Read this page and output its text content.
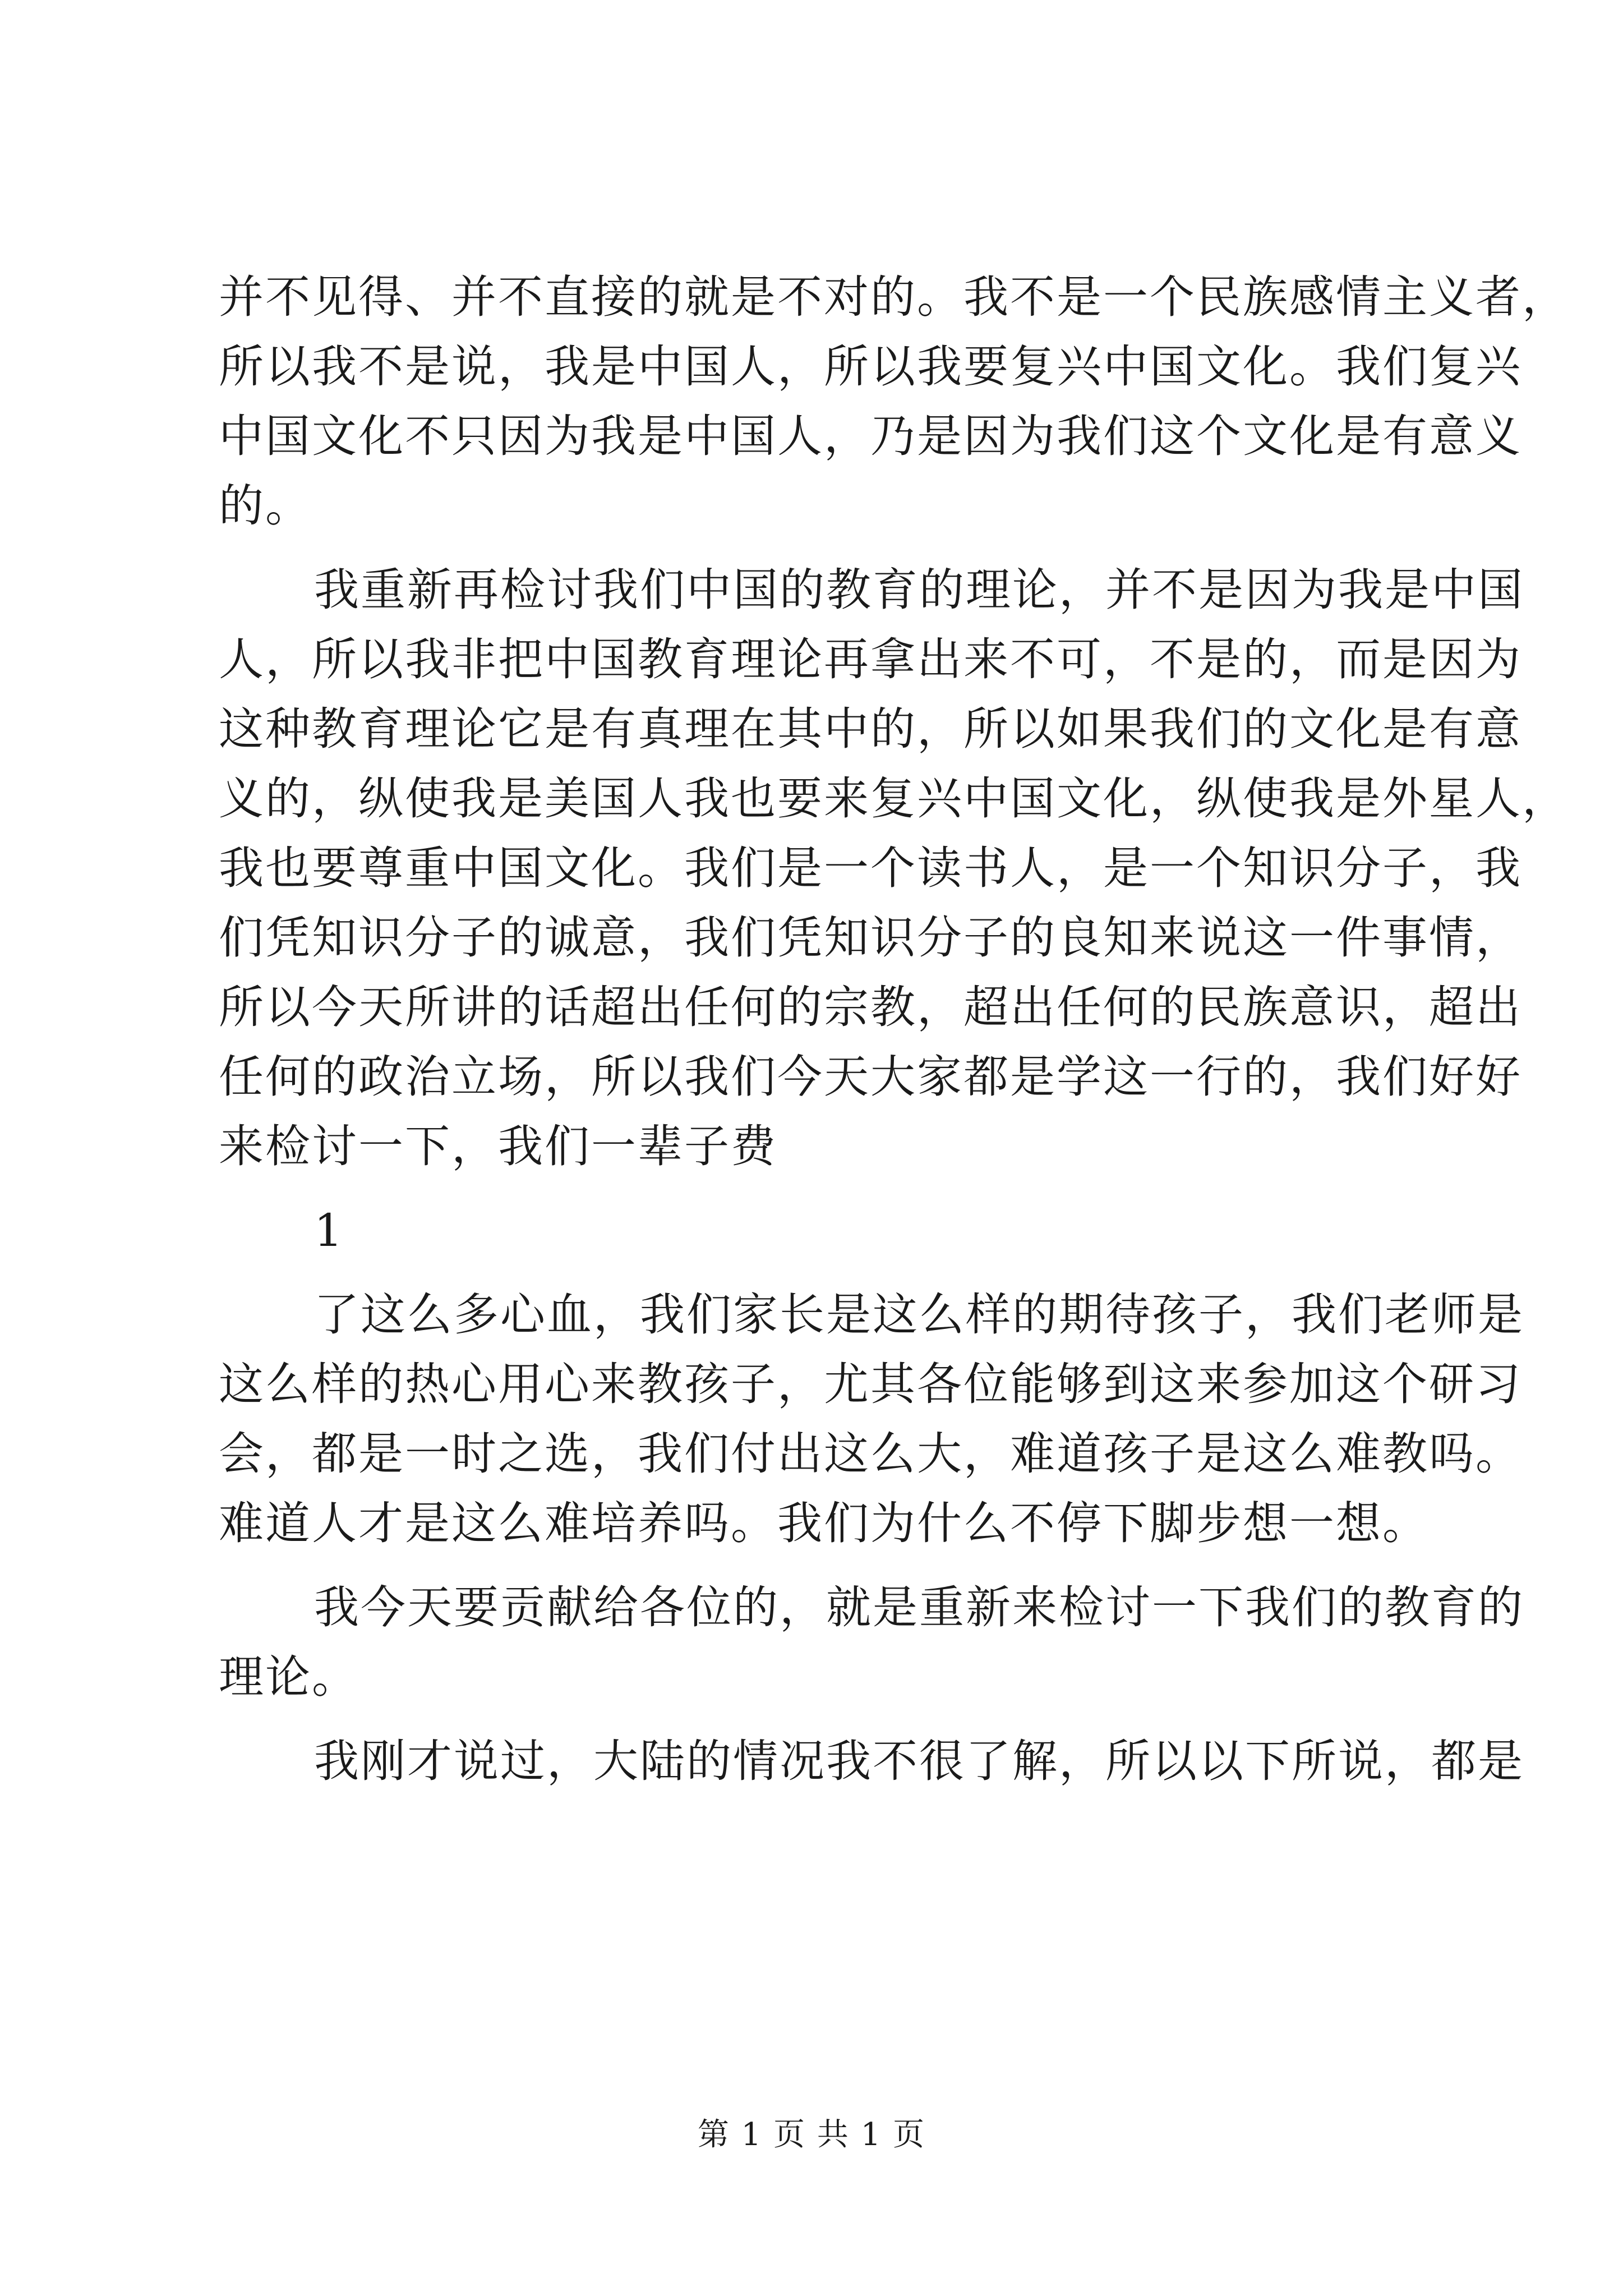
并不见得、并不直接的就是不对的。我不是一个民族感情主义者，
所以我不是说，我是中国人，所以我要复兴中国文化。我们复兴
中国文化不只因为我是中国人，乃是因为我们这个文化是有意义
的。
我重新再检讨我们中国的教育的理论，并不是因为我是中国
人，所以我非把中国教育理论再拿出来不可，不是的，而是因为
这种教育理论它是有真理在其中的，所以如果我们的文化是有意
义的，纵使我是美国人我也要来复兴中国文化，纵使我是外星人，
我也要尊重中国文化。我们是一个读书人，是一个知识分子，我
们凭知识分子的诚意，我们凭知识分子的良知来说这一件事情，
所以今天所讲的话超出任何的宗教，超出任何的民族意识，超出
任何的政治立场，所以我们今天大家都是学这一行的，我们好好
来检讨一下，我们一辈子费
1
了这么多心血，我们家长是这么样的期待孩子，我们老师是
这么样的热心用心来教孩子，尤其各位能够到这来参加这个研习
会，都是一时之选，我们付出这么大，难道孩子是这么难教吗。
难道人才是这么难培养吗。我们为什么不停下脚步想一想。
我今天要贡献给各位的，就是重新来检讨一下我们的教育的
理论。
我刚才说过，大陆的情况我不很了解，所以以下所说，都是
第 1 页 共 1 页
